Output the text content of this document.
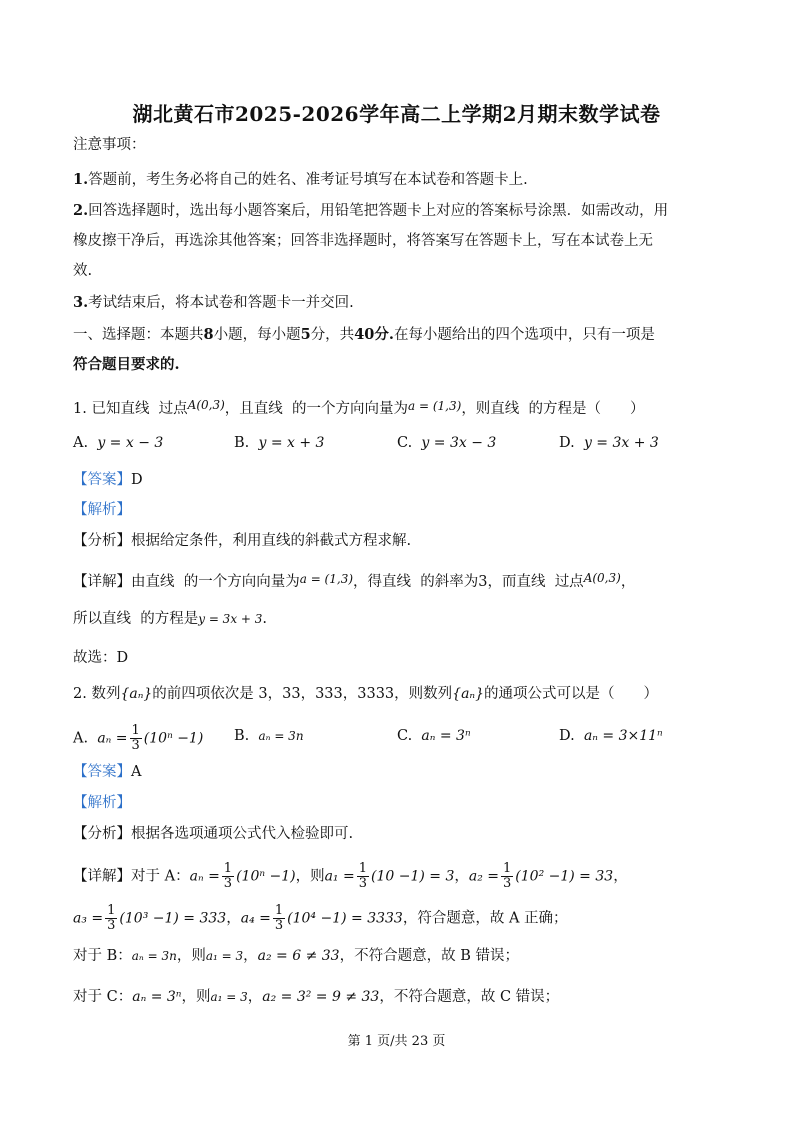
湖北黄石市2025-2026学年高二上学期2月期末数学试卷
注意事项：
1.答题前，考生务必将自己的姓名、准考证号填写在本试卷和答题卡上.
2.回答选择题时，选出每小题答案后，用铅笔把答题卡上对应的答案标号涂黑．如需改动，用
橡皮擦干净后，再选涂其他答案；回答非选择题时，将答案写在答题卡上，写在本试卷上无
效.
3.考试结束后，将本试卷和答题卡一并交回.
一、选择题：本题共8小题，每小题5分，共40分.在每小题给出的四个选项中，只有一项是
符合题目要求的.
1. 已知直线 过点$^{A(0,3)}$，且直线 的一个方向向量为$^{a = (1,3)}$，则直线 的方程是（　　）
A. y = x − 3	B. y = x + 3	C. y = 3x − 3	D. y = 3x + 3
【答案】D
【解析】
【分析】根据给定条件，利用直线的斜截式方程求解.
【详解】由直线 的一个方向向量为$^{a = (1,3)}$，得直线 的斜率为3，而直线 过点$^{A(0,3)}$，
所以直线 的方程是y = 3x + 3.
故选：D
2. 数列{aₙ}的前四项依次是 3，33，333，3333，则数列{aₙ}的通项公式可以是（　　）
A. $a_n = \frac{1}{3} (10^n -1)$ B. aₙ = 3n	C. aₙ = 3ⁿ	D. aₙ = 3×11ⁿ
【答案】A
【解析】
【分析】根据各选项通项公式代入检验即可.
【详解】对于 A：$a_n = \frac{1}{3} (10^n -1)$，则$a_1 = \frac{1}{3} (10 -1) = 3$，$a_2 = \frac{1}{3} (10^2 -1) = 33$，
$a_3 = \frac{1}{3} (10^3 -1) = 333$，$a_4 = \frac{1}{3} (10^4 -1) = 3333$，符合题意，故 A 正确；
对于 B：aₙ = 3n，则a₁ = 3，a₂ = 6 ≠ 33，不符合题意，故 B 错误；
对于 C：aₙ = 3ⁿ，则a₁ = 3，a₂ = 3² = 9 ≠ 33，不符合题意，故 C 错误；
第 1 页/共 23 页
